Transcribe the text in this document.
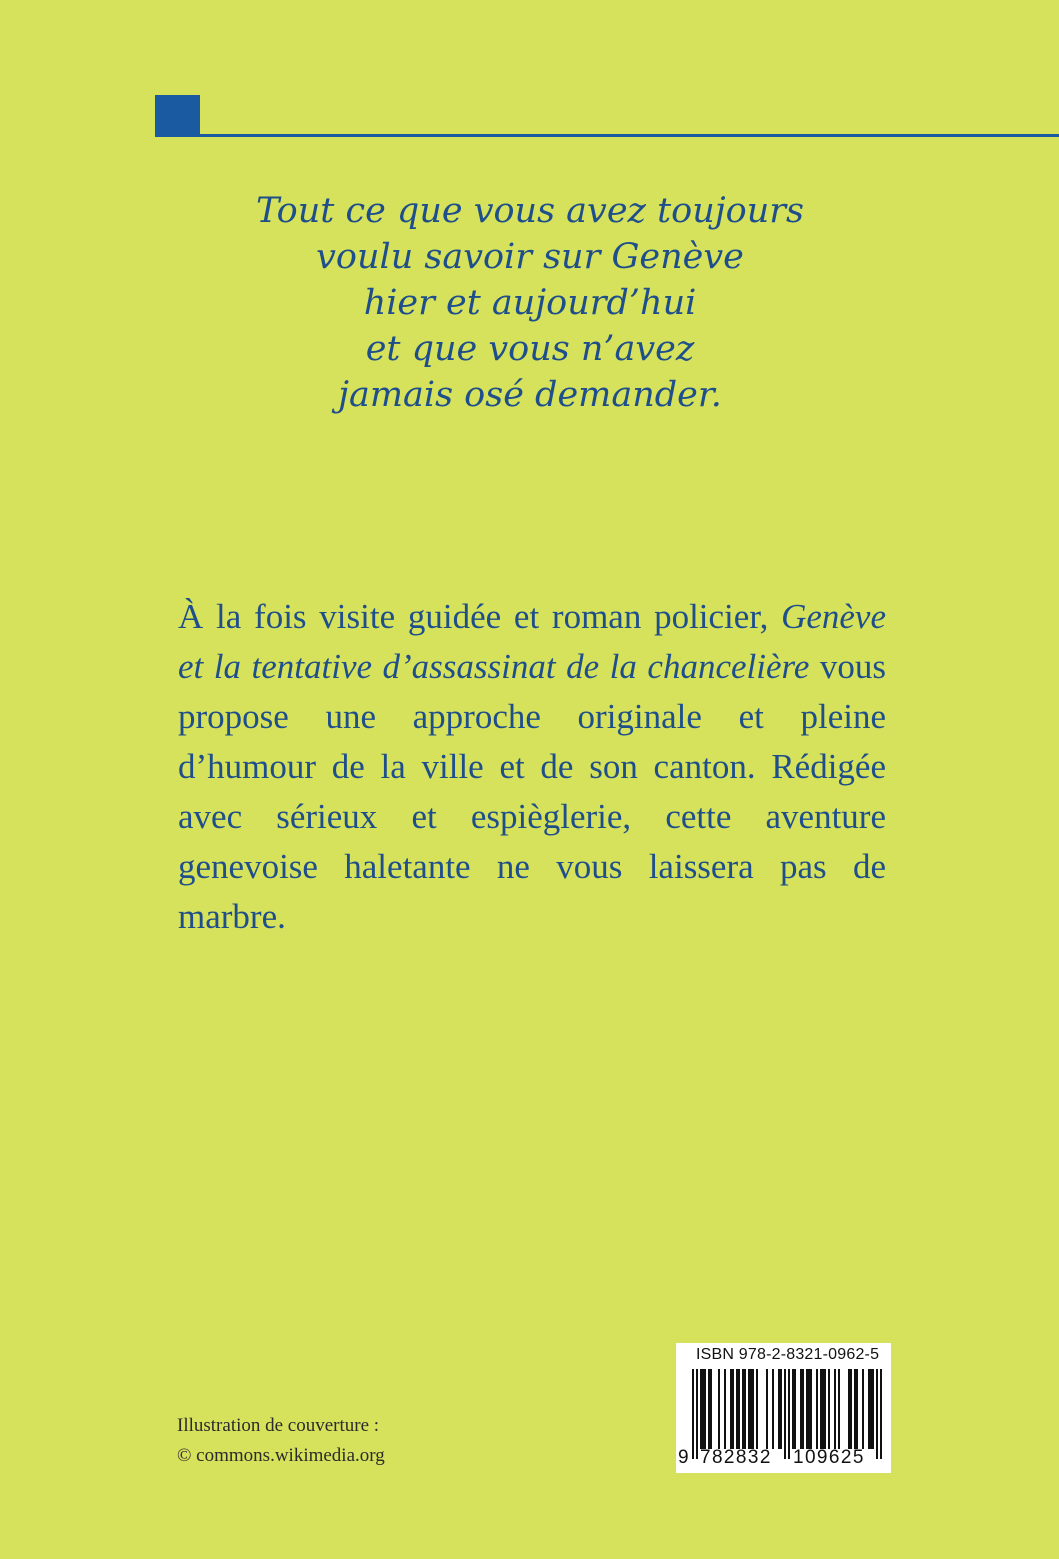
Tout ce que vous avez toujours
voulu savoir sur Genève
hier et aujourd’hui
et que vous n’avez
jamais osé demander.
À la fois visite guidée et roman policier, Genève et la tentative d’assassinat de la chancelière vous propose une approche originale et pleine d’humour de la ville et de son canton. Rédigée avec sérieux et espièglerie, cette aventure genevoise haletante ne vous laissera pas de marbre.
Illustration de couverture :
© commons.wikimedia.org
ISBN 978-2-8321-0962-5
9 782832 109625
